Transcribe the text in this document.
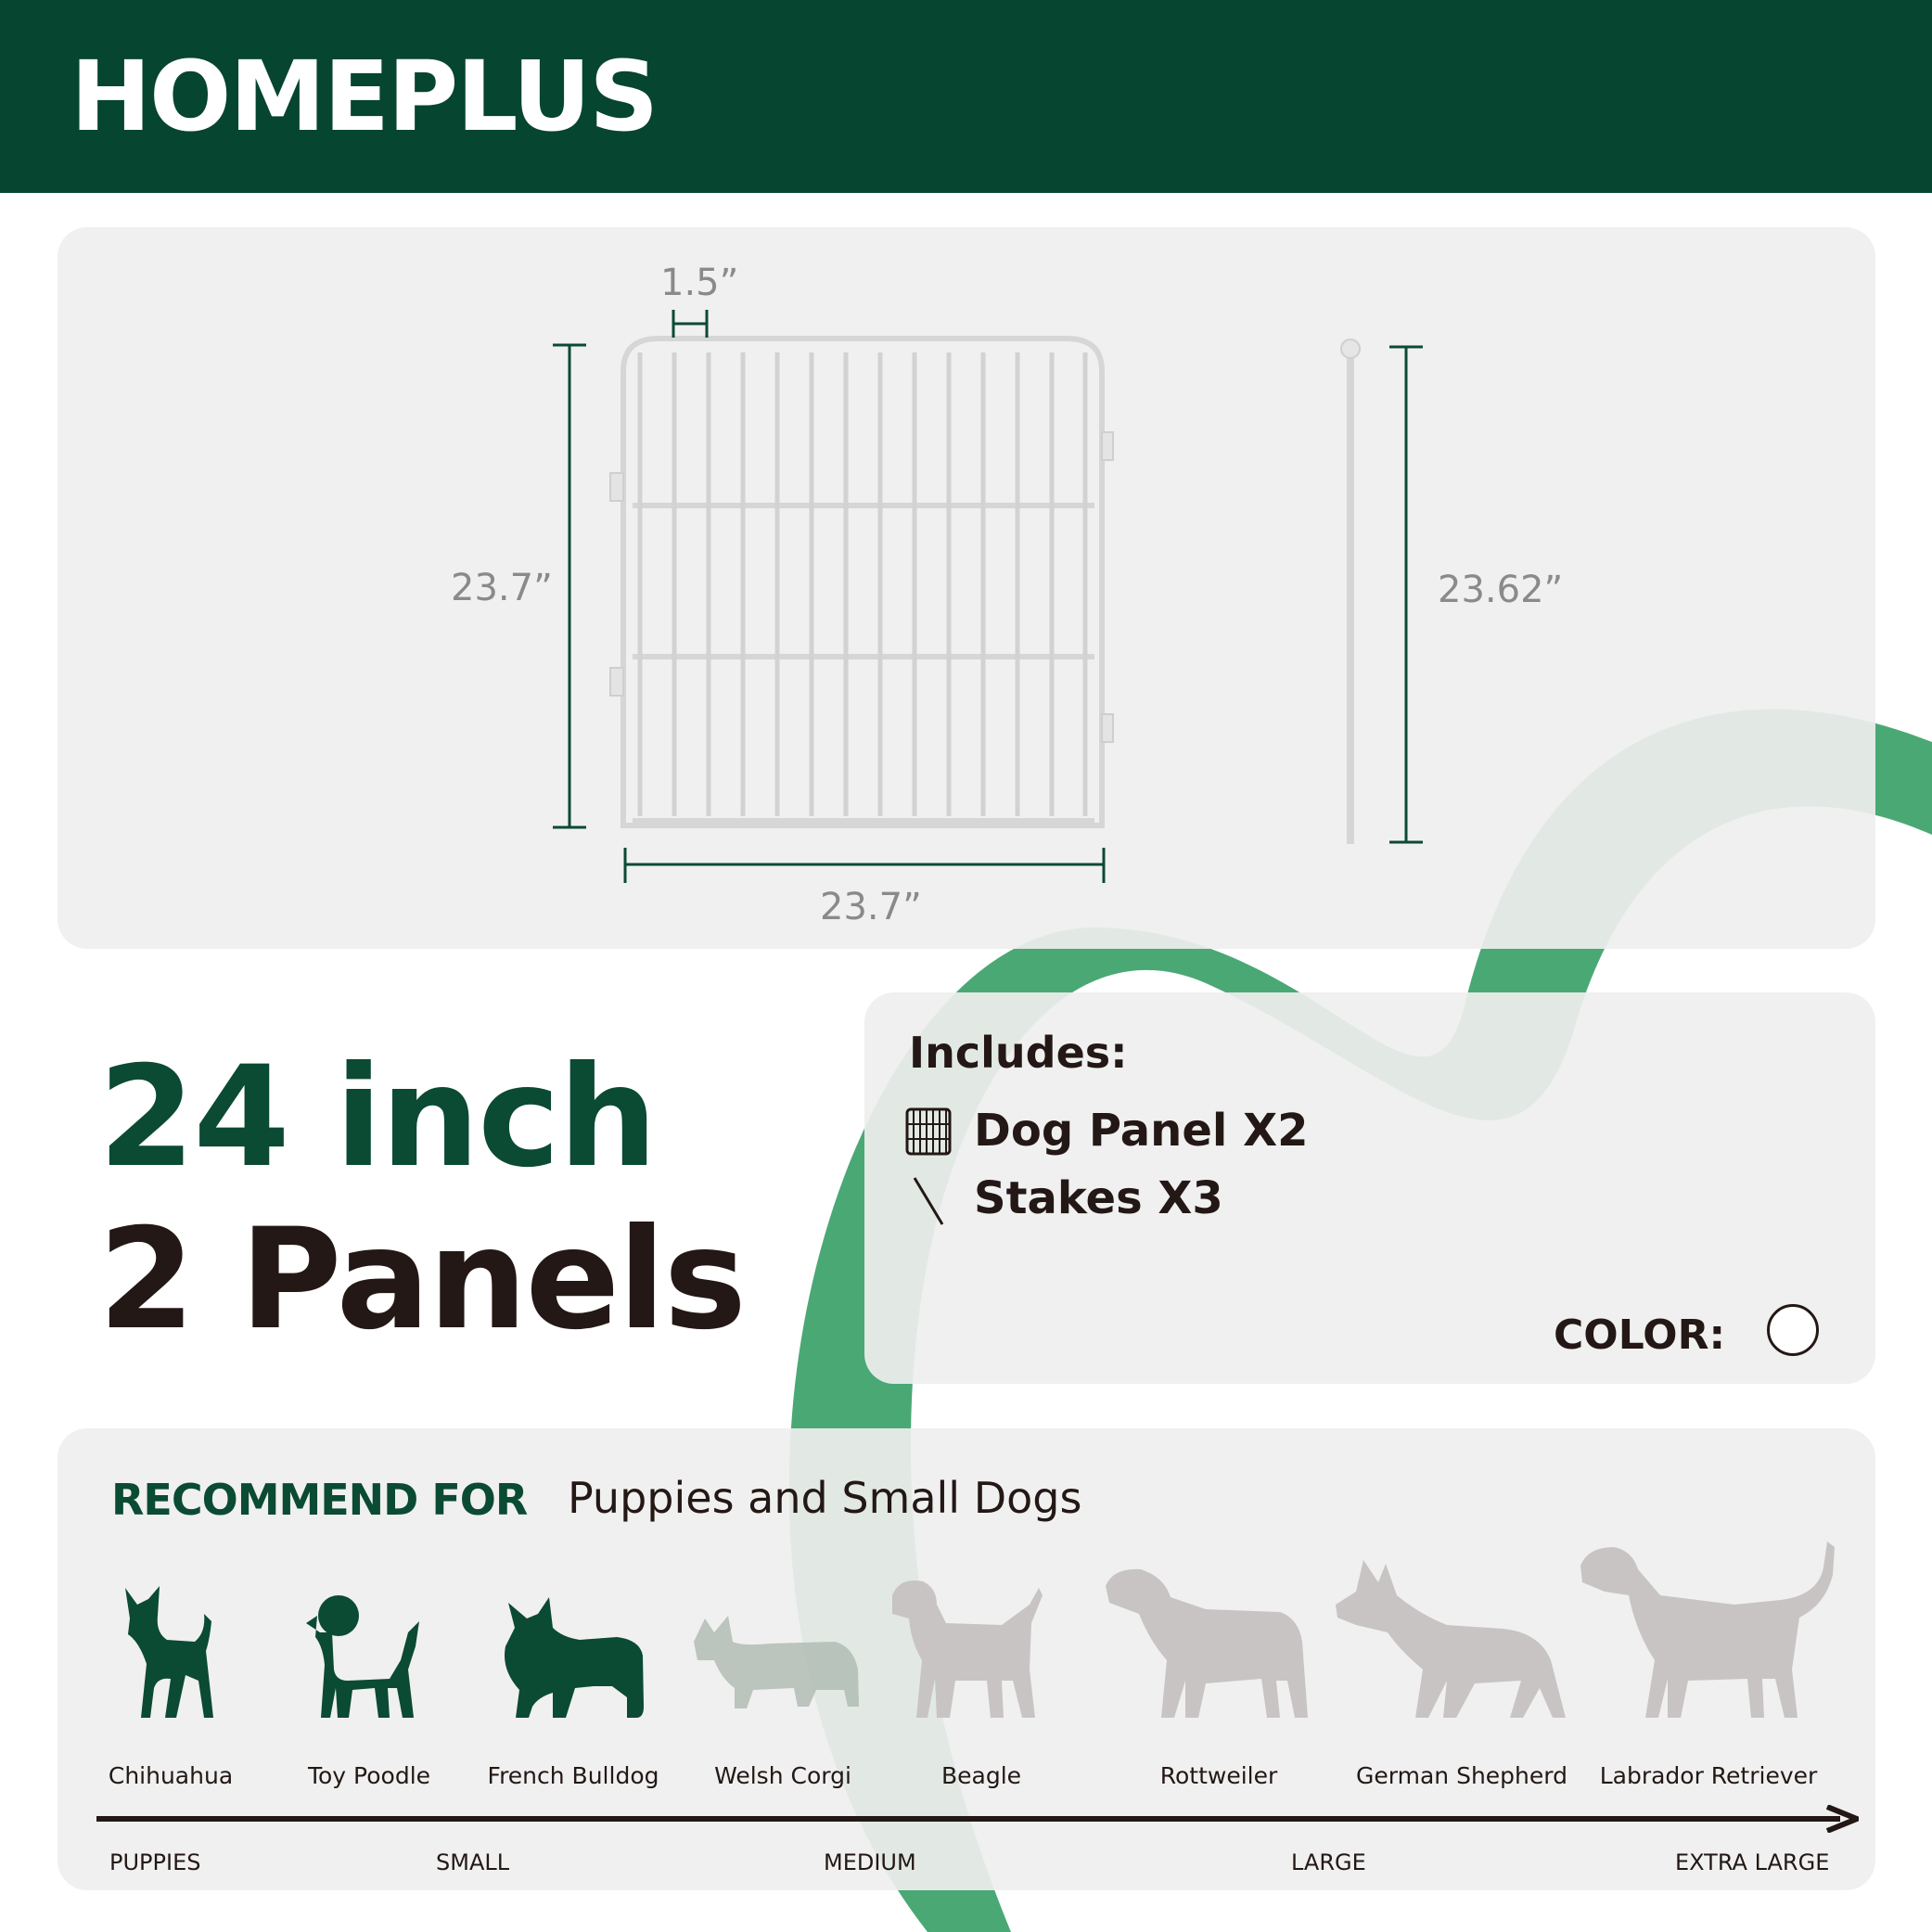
HOMEPLUS
1.5”
23.7”
23.7”
23.62”
24 inch
2 Panels
Includes:
Dog Panel X2
Stakes X3
COLOR:
RECOMMEND FOR Puppies and Small Dogs
Chihuahua	Toy Poodle French Bulldog Welsh Corgi	Beagle	Rottweiler	German Shepherd Labrador Retriever
PUPPIES	SMALL	MEDIUM	LARGE	EXTRA LARGE
